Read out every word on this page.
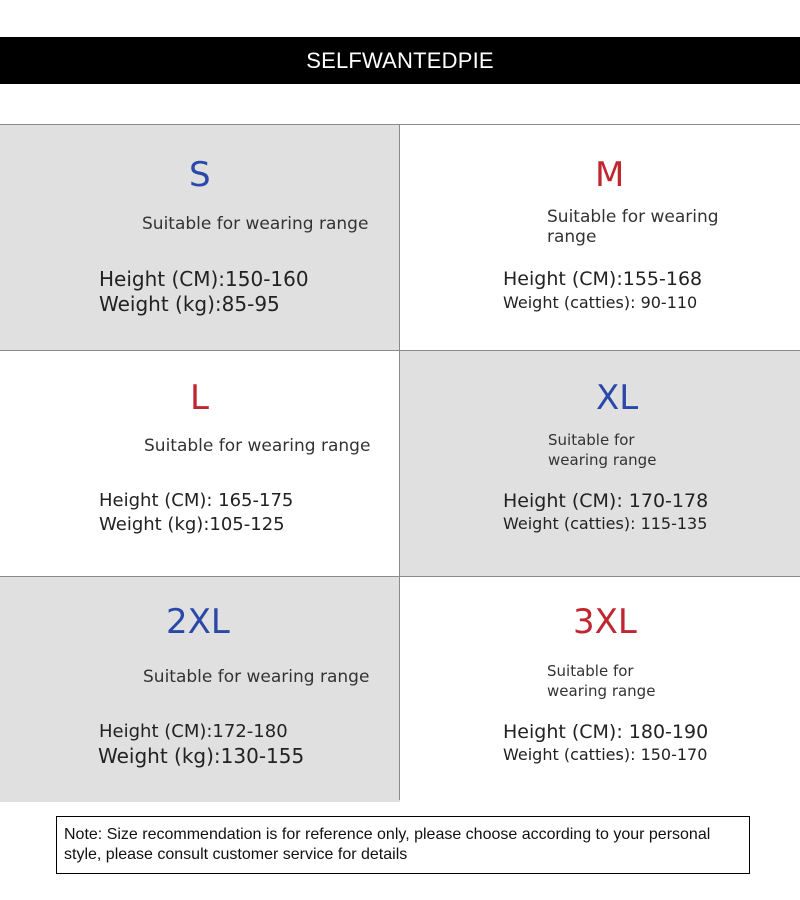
SELFWANTEDPIE
S
Suitable for wearing range
Height (CM):150-160
Weight (kg):85-95
M
Suitable for wearing range
Height (CM):155-168
Weight (catties): 90-110
L
Suitable for wearing range
Height (CM): 165-175
Weight (kg):105-125
XL
Suitable for wearing range
Height (CM): 170-178
Weight (catties): 115-135
2XL
Suitable for wearing range
Height (CM):172-180
Weight (kg):130-155
3XL
Suitable for wearing range
Height (CM): 180-190
Weight (catties): 150-170
Note: Size recommendation is for reference only, please choose according to your personal style, please consult customer service for details
